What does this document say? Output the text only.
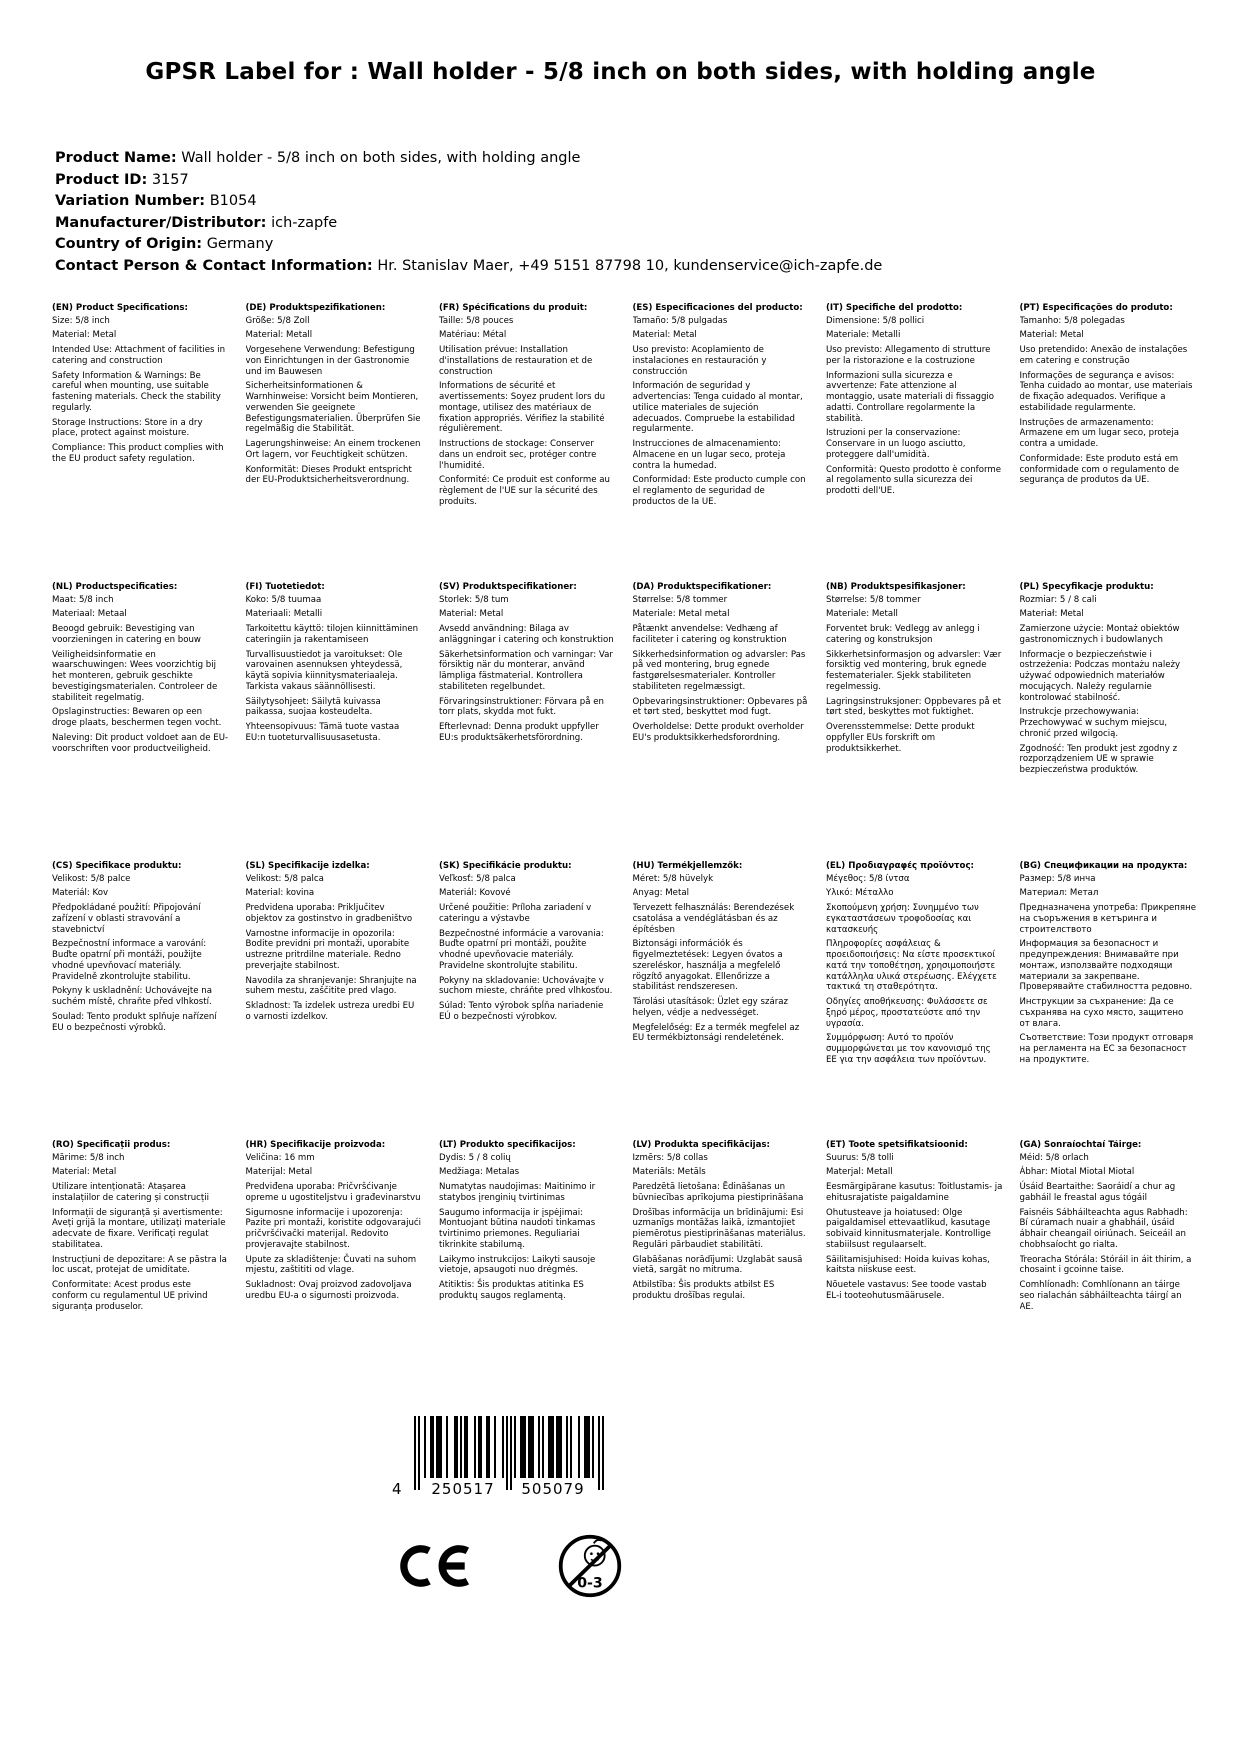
GPSR Label for : Wall holder - 5/8 inch on both sides, with holding angle
Product Name: Wall holder - 5/8 inch on both sides, with holding angle
Product ID: 3157
Variation Number: B1054
Manufacturer/Distributor: ich-zapfe
Country of Origin: Germany
Contact Person & Contact Information: Hr. Stanislav Maer, +49 5151 87798 10, kundenservice@ich-zapfe.de
(EN) Product Specifications:

Size: 5/8 inch

Material: Metal

Intended Use: Attachment of facilities in catering and construction

Safety Information & Warnings: Be careful when mounting, use suitable fastening materials. Check the stability regularly.

Storage Instructions: Store in a dry place, protect against moisture.

Compliance: This product complies with the EU product safety regulation.

(DE) Produktspezifikationen:

Größe: 5/8 Zoll

Material: Metall

Vorgesehene Verwendung: Befestigung von Einrichtungen in der Gastronomie und im Bauwesen

Sicherheitsinformationen & Warnhinweise: Vorsicht beim Montieren, verwenden Sie geeignete Befestigungsmaterialien. Überprüfen Sie regelmäßig die Stabilität.

Lagerungshinweise: An einem trockenen Ort lagern, vor Feuchtigkeit schützen.

Konformität: Dieses Produkt entspricht der EU-Produktsicherheitsverordnung.

(FR) Spécifications du produit:

Taille: 5/8 pouces

Matériau: Métal

Utilisation prévue: Installation d'installations de restauration et de construction

Informations de sécurité et avertissements: Soyez prudent lors du montage, utilisez des matériaux de fixation appropriés. Vérifiez la stabilité régulièrement.

Instructions de stockage: Conserver dans un endroit sec, protéger contre l'humidité.

Conformité: Ce produit est conforme au règlement de l'UE sur la sécurité des produits.

(ES) Especificaciones del producto:

Tamaño: 5/8 pulgadas

Material: Metal

Uso previsto: Acoplamiento de instalaciones en restauración y construcción

Información de seguridad y advertencias: Tenga cuidado al montar, utilice materiales de sujeción adecuados. Compruebe la estabilidad regularmente.

Instrucciones de almacenamiento: Almacene en un lugar seco, proteja contra la humedad.

Conformidad: Este producto cumple con el reglamento de seguridad de productos de la UE.

(IT) Specifiche del prodotto:

Dimensione: 5/8 pollici

Materiale: Metalli

Uso previsto: Allegamento di strutture per la ristorazione e la costruzione

Informazioni sulla sicurezza e avvertenze: Fate attenzione al montaggio, usate materiali di fissaggio adatti. Controllare regolarmente la stabilità.

Istruzioni per la conservazione: Conservare in un luogo asciutto, proteggere dall'umidità.

Conformità: Questo prodotto è conforme al regolamento sulla sicurezza dei prodotti dell'UE.

(PT) Especificações do produto:

Tamanho: 5/8 polegadas

Material: Metal

Uso pretendido: Anexão de instalações em catering e construção

Informações de segurança e avisos: Tenha cuidado ao montar, use materiais de fixação adequados. Verifique a estabilidade regularmente.

Instruções de armazenamento: Armazene em um lugar seco, proteja contra a umidade.

Conformidade: Este produto está em conformidade com o regulamento de segurança de produtos da UE.

(NL) Productspecificaties:

Maat: 5/8 inch

Materiaal: Metaal

Beoogd gebruik: Bevestiging van voorzieningen in catering en bouw

Veiligheidsinformatie en waarschuwingen: Wees voorzichtig bij het monteren, gebruik geschikte bevestigingsmaterialen. Controleer de stabiliteit regelmatig.

Opslaginstructies: Bewaren op een droge plaats, beschermen tegen vocht.

Naleving: Dit product voldoet aan de EU-voorschriften voor productveiligheid.

(FI) Tuotetiedot:

Koko: 5/8 tuumaa

Materiaali: Metalli

Tarkoitettu käyttö: tilojen kiinnittäminen cateringiin ja rakentamiseen

Turvallisuustiedot ja varoitukset: Ole varovainen asennuksen yhteydessä, käytä sopivia kiinnitysmateriaaleja. Tarkista vakaus säännöllisesti.

Säilytysohjeet: Säilytä kuivassa paikassa, suojaa kosteudelta.

Yhteensopivuus: Tämä tuote vastaa EU:n tuoteturvallisuusasetusta.

(SV) Produktspecifikationer:

Storlek: 5/8 tum

Material: Metal

Avsedd användning: Bilaga av anläggningar i catering och konstruktion

Säkerhetsinformation och varningar: Var försiktig när du monterar, använd lämpliga fästmaterial. Kontrollera stabiliteten regelbundet.

Förvaringsinstruktioner: Förvara på en torr plats, skydda mot fukt.

Efterlevnad: Denna produkt uppfyller EU:s produktsäkerhetsförordning.

(DA) Produktspecifikationer:

Størrelse: 5/8 tommer

Materiale: Metal metal

Påtænkt anvendelse: Vedhæng af faciliteter i catering og konstruktion

Sikkerhedsinformation og advarsler: Pas på ved montering, brug egnede fastgørelsesmaterialer. Kontroller stabiliteten regelmæssigt.

Opbevaringsinstruktioner: Opbevares på et tørt sted, beskyttet mod fugt.

Overholdelse: Dette produkt overholder EU's produktsikkerhedsforordning.

(NB) Produktspesifikasjoner:

Størrelse: 5/8 tommer

Materiale: Metall

Forventet bruk: Vedlegg av anlegg i catering og konstruksjon

Sikkerhetsinformasjon og advarsler: Vær forsiktig ved montering, bruk egnede festematerialer. Sjekk stabiliteten regelmessig.

Lagringsinstruksjoner: Oppbevares på et tørt sted, beskyttes mot fuktighet.

Overensstemmelse: Dette produkt oppfyller EUs forskrift om produktsikkerhet.

(PL) Specyfikacje produktu:

Rozmiar: 5 / 8 cali

Materiał: Metal

Zamierzone użycie: Montaż obiektów gastronomicznych i budowlanych

Informacje o bezpieczeństwie i ostrzeżenia: Podczas montażu należy używać odpowiednich materiałów mocujących. Należy regularnie kontrolować stabilność.

Instrukcje przechowywania: Przechowywać w suchym miejscu, chronić przed wilgocią.

Zgodność: Ten produkt jest zgodny z rozporządzeniem UE w sprawie bezpieczeństwa produktów.

(CS) Specifikace produktu:

Velikost: 5/8 palce

Materiál: Kov

Předpokládané použití: Připojování zařízení v oblasti stravování a stavebnictví

Bezpečnostní informace a varování: Buďte opatrní při montáži, použijte vhodné upevňovací materiály. Pravidelně zkontrolujte stabilitu.

Pokyny k uskladnění: Uchovávejte na suchém místě, chraňte před vlhkostí.

Soulad: Tento produkt splňuje nařízení EU o bezpečnosti výrobků.

(SL) Specifikacije izdelka:

Velikost: 5/8 palca

Material: kovina

Predvidena uporaba: Priključitev objektov za gostinstvo in gradbeništvo

Varnostne informacije in opozorila: Bodite previdni pri montaži, uporabite ustrezne pritrdilne materiale. Redno preverjajte stabilnost.

Navodila za shranjevanje: Shranjujte na suhem mestu, zaščitite pred vlago.

Skladnost: Ta izdelek ustreza uredbi EU o varnosti izdelkov.

(SK) Špecifikácie produktu:

Veľkosť: 5/8 palca

Materiál: Kovové

Určené použitie: Príloha zariadení v cateringu a výstavbe

Bezpečnostné informácie a varovania: Buďte opatrní pri montáži, použite vhodné upevňovacie materiály. Pravidelne skontrolujte stabilitu.

Pokyny na skladovanie: Uchovávajte v suchom mieste, chráňte pred vlhkosťou.

Súlad: Tento výrobok spĺňa nariadenie EÚ o bezpečnosti výrobkov.

(HU) Termékjellemzők:

Méret: 5/8 hüvelyk

Anyag: Metal

Tervezett felhasználás: Berendezések csatolása a vendéglátásban és az építésben

Biztonsági információk és figyelmeztetések: Legyen óvatos a szereléskor, használja a megfelelő rögzítő anyagokat. Ellenőrizze a stabilitást rendszeresen.

Tárolási utasítások: Üzlet egy száraz helyen, védje a nedvességet.

Megfelelőség: Ez a termék megfelel az EU termékbiztonsági rendeletének.

(EL) Προδιαγραφές προϊόντος:

Μέγεθος: 5/8 ίντσα

Υλικό: Μέταλλο

Σκοπούμενη χρήση: Συνημμένο των εγκαταστάσεων τροφοδοσίας και κατασκευής

Πληροφορίες ασφάλειας & προειδοποιήσεις: Να είστε προσεκτικοί κατά την τοποθέτηση, χρησιμοποιήστε κατάλληλα υλικά στερέωσης. Ελέγχετε τακτικά τη σταθερότητα.

Οδηγίες αποθήκευσης: Φυλάσσετε σε ξηρό μέρος, προστατεύστε από την υγρασία.

Συμμόρφωση: Αυτό το προϊόν συμμορφώνεται με τον κανονισμό της ΕΕ για την ασφάλεια των προϊόντων.

(BG) Спецификации на продукта:

Размер: 5/8 инча

Материал: Метал

Предназначена употреба: Прикрепяне на съоръжения в кетъринга и строителството

Информация за безопасност и предупреждения: Внимавайте при монтаж, използвайте подходящи материали за закрепване. Проверявайте стабилността редовно.

Инструкции за съхранение: Да се съхранява на сухо място, защитено от влага.

Съответствие: Този продукт отговаря на регламента на ЕС за безопасност на продуктите.

(RO) Specificații produs:

Mărime: 5/8 inch

Material: Metal

Utilizare intenționată: Atașarea instalațiilor de catering și construcții

Informații de siguranță și avertismente: Aveți grijă la montare, utilizați materiale adecvate de fixare. Verificați regulat stabilitatea.

Instrucțiuni de depozitare: A se păstra la loc uscat, protejat de umiditate.

Conformitate: Acest produs este conform cu regulamentul UE privind siguranța produselor.

(HR) Specifikacije proizvoda:

Veličina: 16 mm

Materijal: Metal

Predviđena uporaba: Pričvršćivanje opreme u ugostiteljstvu i građevinarstvu

Sigurnosne informacije i upozorenja: Pazite pri montaži, koristite odgovarajući pričvršćivački materijal. Redovito provjeravajte stabilnost.

Upute za skladištenje: Čuvati na suhom mjestu, zaštititi od vlage.

Sukladnost: Ovaj proizvod zadovoljava uredbu EU-a o sigurnosti proizvoda.

(LT) Produkto specifikacijos:

Dydis: 5 / 8 colių

Medžiaga: Metalas

Numatytas naudojimas: Maitinimo ir statybos įrenginių tvirtinimas

Saugumo informacija ir įspėjimai: Montuojant būtina naudoti tinkamas tvirtinimo priemones. Reguliariai tikrinkite stabilumą.

Laikymo instrukcijos: Laikyti sausoje vietoje, apsaugoti nuo drėgmės.

Atitiktis: Šis produktas atitinka ES produktų saugos reglamentą.

(LV) Produkta specifikācijas:

Izmērs: 5/8 collas

Materiāls: Metāls

Paredzētā lietošana: Ēdināšanas un būvniecības aprīkojuma piestiprināšana

Drošības informācija un brīdinājumi: Esi uzmanīgs montāžas laikā, izmantojiet piemērotus piestiprināšanas materiālus. Regulāri pārbaudiet stabilitāti.

Glabāšanas norādījumi: Uzglabāt sausā vietā, sargāt no mitruma.

Atbilstība: Šis produkts atbilst ES produktu drošības regulai.

(ET) Toote spetsifikatsioonid:

Suurus: 5/8 tolli

Materjal: Metall

Eesmärgipärane kasutus: Toitlustamis- ja ehitusrajatiste paigaldamine

Ohutusteave ja hoiatused: Olge paigaldamisel ettevaatlikud, kasutage sobivaid kinnitusmaterjale. Kontrollige stabiilsust regulaarselt.

Säilitamisjuhised: Hoida kuivas kohas, kaitsta niiskuse eest.

Nõuetele vastavus: See toode vastab EL-i tooteohutusmäärusele.

(GA) Sonraíochtaí Táirge:

Méid: 5/8 orlach

Ábhar: Miotal Miotal Miotal

Úsáid Beartaithe: Saoráidí a chur ag gabháil le freastal agus tógáil

Faisnéis Sábháilteachta agus Rabhadh: Bí cúramach nuair a ghabháil, úsáid ábhair cheangail oiriúnach. Seiceáil an chobhsaíocht go rialta.

Treoracha Stórála: Stóráil in áit thirim, a chosaint i gcoinne taise.

Comhlíonadh: Comhlíonann an táirge seo rialachán sábháilteachta táirgí an AE.

4	250517	505079
0-3
